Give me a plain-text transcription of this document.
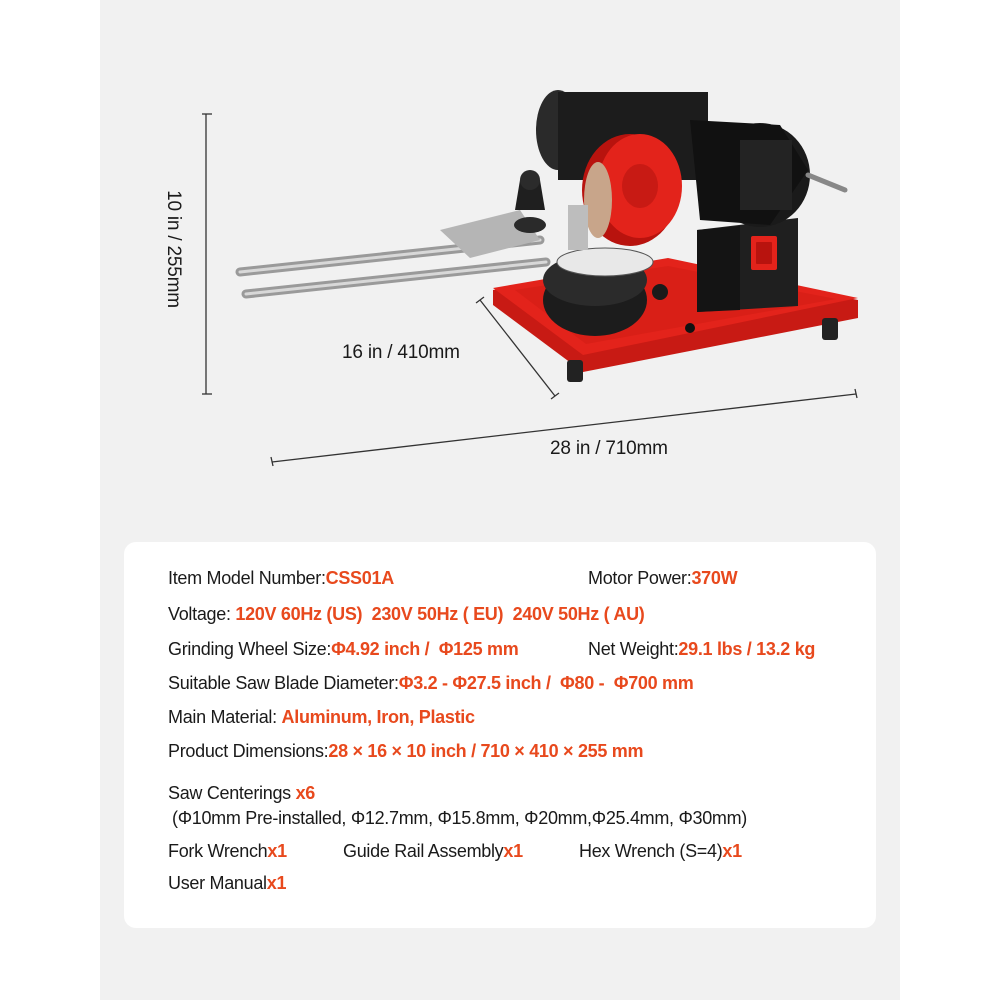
10 in / 255mm
16 in / 410mm
28 in / 710mm
Item Model Number:CSS01A	Motor Power:370W
Voltage: 120V 60Hz (US)  230V 50Hz ( EU)  240V 50Hz ( AU)
Grinding Wheel Size:Φ4.92 inch /  Φ125 mm	Net Weight:29.1 lbs / 13.2 kg
Suitable Saw Blade Diameter:Φ3.2 - Φ27.5 inch /  Φ80 -  Φ700 mm
Main Material: Aluminum, Iron, Plastic
Product Dimensions:28 × 16 × 10 inch / 710 × 410 × 255 mm
Saw Centerings x6
(Φ10mm Pre-installed, Φ12.7mm, Φ15.8mm, Φ20mm,Φ25.4mm, Φ30mm)
Fork Wrenchx1	Guide Rail Assemblyx1	Hex Wrench (S=4)x1
User Manualx1
